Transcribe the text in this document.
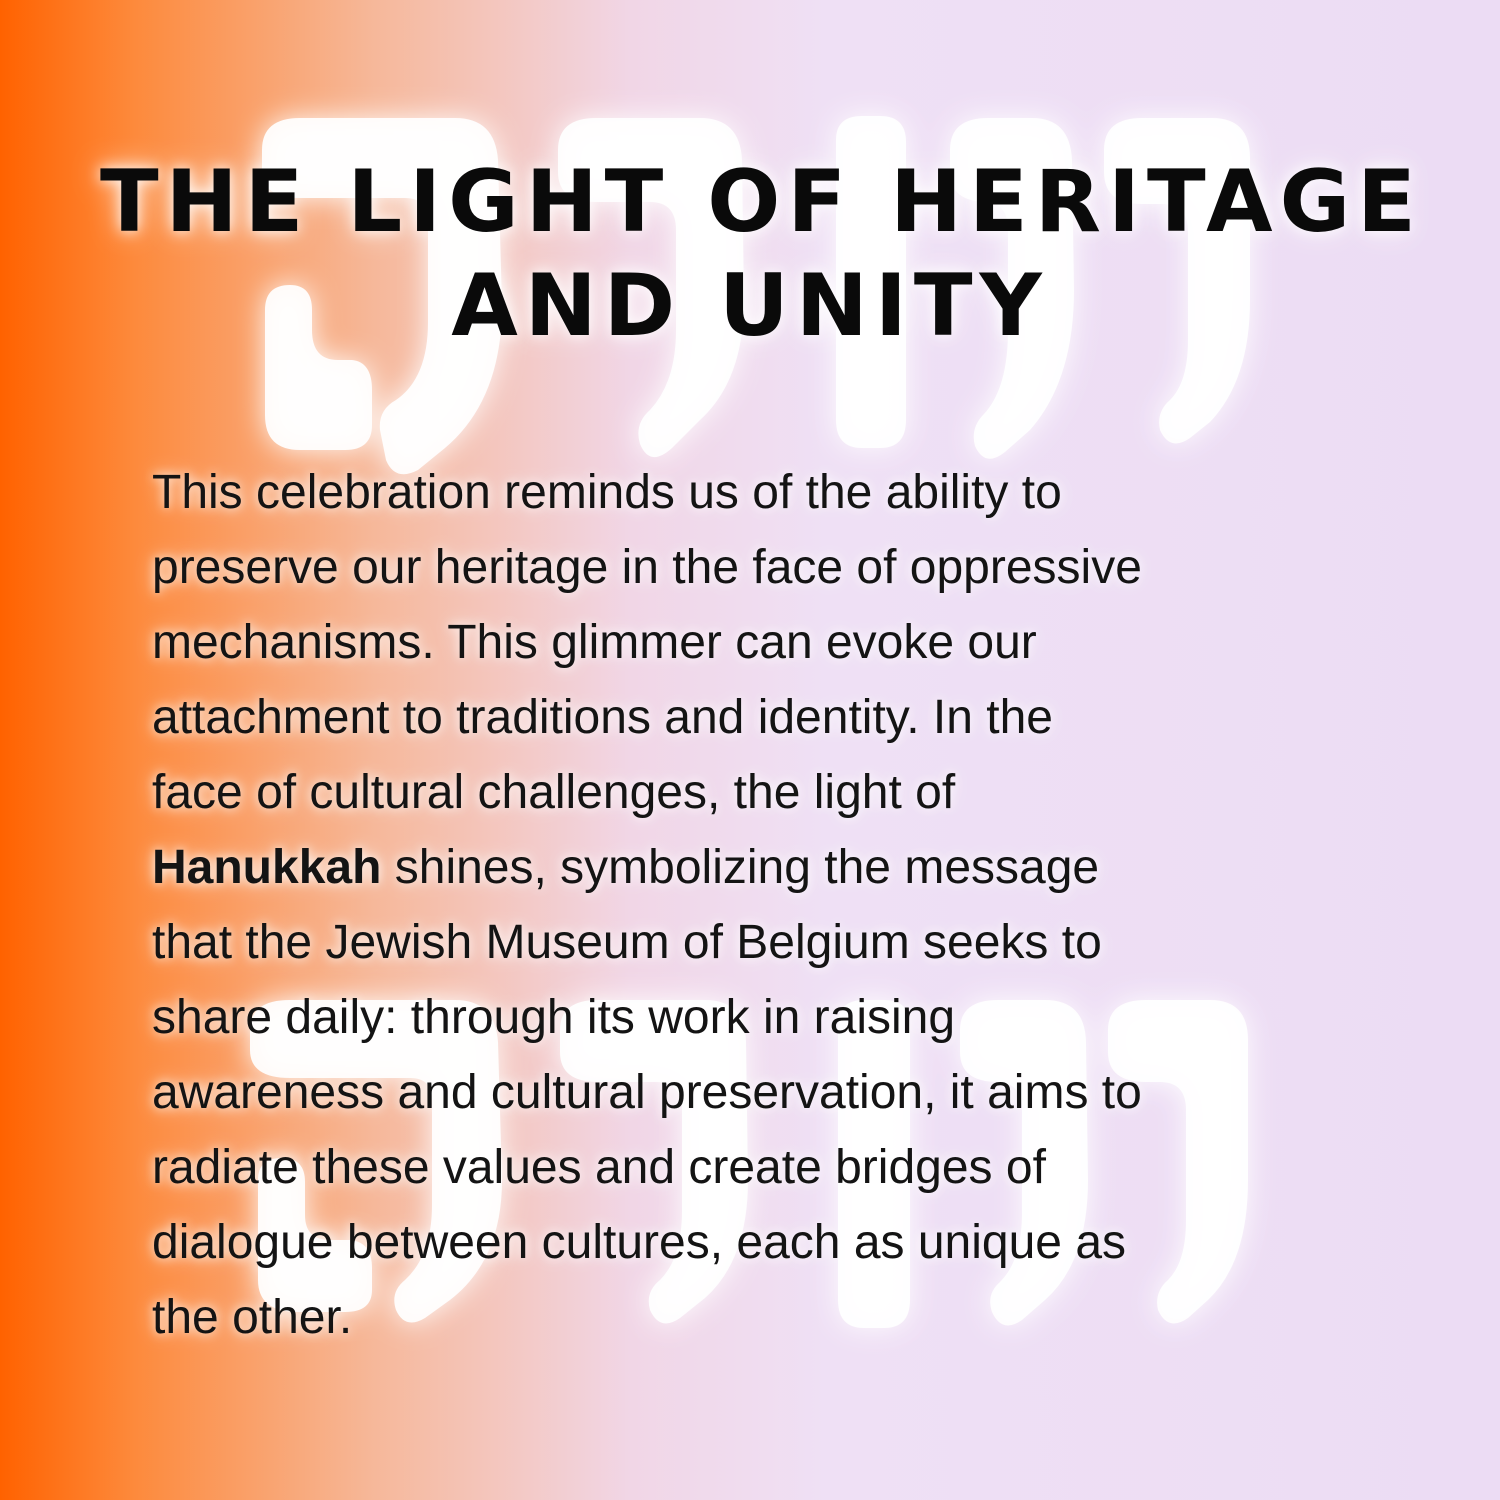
THE LIGHT OF HERITAGE
AND UNITY

This celebration reminds us of the ability to
preserve our heritage in the face of oppressive
mechanisms. This glimmer can evoke our
attachment to traditions and identity. In the
face of cultural challenges, the light of
Hanukkah shines, symbolizing the message
that the Jewish Museum of Belgium seeks to
share daily: through its work in raising
awareness and cultural preservation, it aims to
radiate these values and create bridges of
dialogue between cultures, each as unique as
the other.
